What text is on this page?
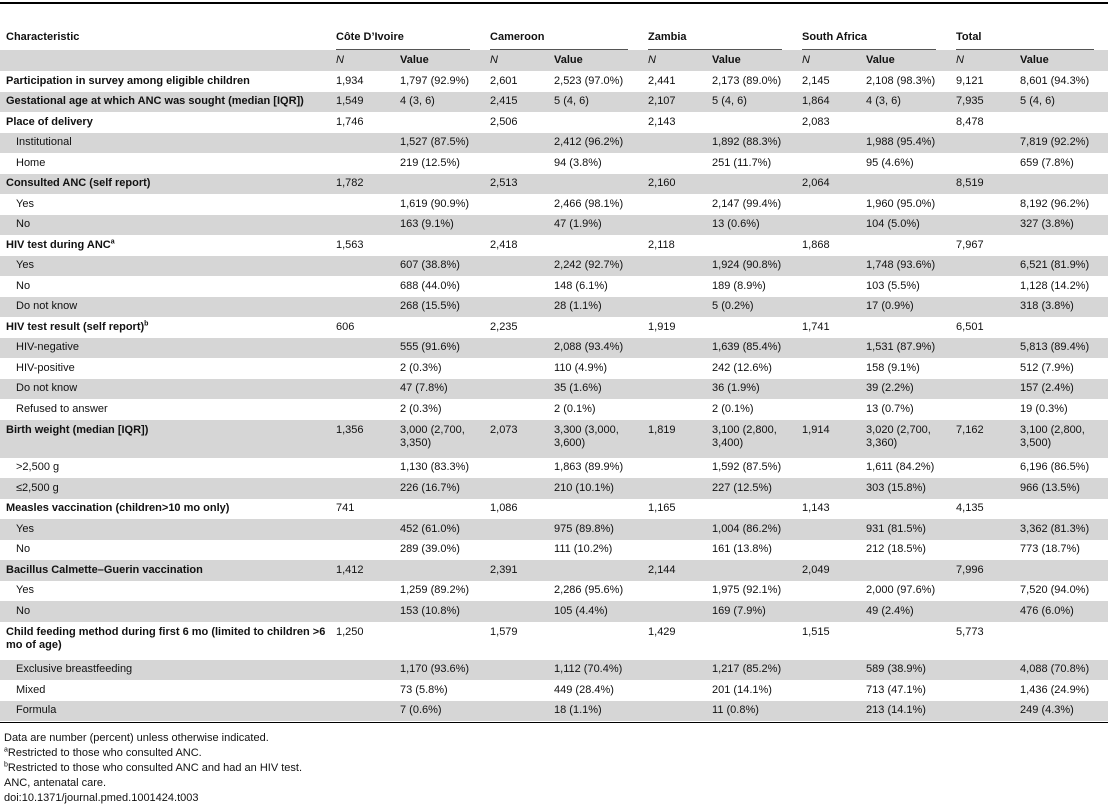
Characteristic	Côte D’Ivoire		Cameroon		Zambia		South Africa		Total	

	N	Value	N	Value	N	Value	N	Value	N	Value
Participation in survey among eligible children	1,934	1,797 (92.9%)	2,601	2,523 (97.0%)	2,441	2,173 (89.0%)	2,145	2,108 (98.3%)	9,121	8,601 (94.3%)
Gestational age at which ANC was sought (median [IQR])	1,549	4 (3, 6)	2,415	5 (4, 6)	2,107	5 (4, 6)	1,864	4 (3, 6)	7,935	5 (4, 6)
Place of delivery	1,746		2,506		2,143		2,083		8,478	
Institutional		1,527 (87.5%)		2,412 (96.2%)		1,892 (88.3%)		1,988 (95.4%)		7,819 (92.2%)
Home		219 (12.5%)		94 (3.8%)		251 (11.7%)		95 (4.6%)		659 (7.8%)
Consulted ANC (self report)	1,782		2,513		2,160		2,064		8,519	
Yes		1,619 (90.9%)		2,466 (98.1%)		2,147 (99.4%)		1,960 (95.0%)		8,192 (96.2%)
No		163 (9.1%)		47 (1.9%)		13 (0.6%)		104 (5.0%)		327 (3.8%)
HIV test during ANC$^a$	1,563		2,418		2,118		1,868		7,967	
Yes		607 (38.8%)		2,242 (92.7%)		1,924 (90.8%)		1,748 (93.6%)		6,521 (81.9%)
No		688 (44.0%)		148 (6.1%)		189 (8.9%)		103 (5.5%)		1,128 (14.2%)
Do not know		268 (15.5%)		28 (1.1%)		5 (0.2%)		17 (0.9%)		318 (3.8%)
HIV test result (self report)$^b$	606		2,235		1,919		1,741		6,501	
HIV-negative		555 (91.6%)		2,088 (93.4%)		1,639 (85.4%)		1,531 (87.9%)		5,813 (89.4%)
HIV-positive		2 (0.3%)		110 (4.9%)		242 (12.6%)		158 (9.1%)		512 (7.9%)
Do not know		47 (7.8%)		35 (1.6%)		36 (1.9%)		39 (2.2%)		157 (2.4%)
Refused to answer		2 (0.3%)		2 (0.1%)		2 (0.1%)		13 (0.7%)		19 (0.3%)
Birth weight (median [IQR])	1,356	3,000 (2,700, 3,350)	2,073	3,300 (3,000, 3,600)	1,819	3,100 (2,800, 3,400)	1,914	3,020 (2,700, 3,360)	7,162	3,100 (2,800, 3,500)
>2,500 g		1,130 (83.3%)		1,863 (89.9%)		1,592 (87.5%)		1,611 (84.2%)		6,196 (86.5%)
≤2,500 g		226 (16.7%)		210 (10.1%)		227 (12.5%)		303 (15.8%)		966 (13.5%)
Measles vaccination (children>10 mo only)	741		1,086		1,165		1,143		4,135	
Yes		452 (61.0%)		975 (89.8%)		1,004 (86.2%)		931 (81.5%)		3,362 (81.3%)
No		289 (39.0%)		111 (10.2%)		161 (13.8%)		212 (18.5%)		773 (18.7%)
Bacillus Calmette–Guerin vaccination	1,412		2,391		2,144		2,049		7,996	
Yes		1,259 (89.2%)		2,286 (95.6%)		1,975 (92.1%)		2,000 (97.6%)		7,520 (94.0%)
No		153 (10.8%)		105 (4.4%)		169 (7.9%)		49 (2.4%)		476 (6.0%)
Child feeding method during first 6 mo (limited to children >6 mo of age)	1,250		1,579		1,429		1,515		5,773	
Exclusive breastfeeding		1,170 (93.6%)		1,112 (70.4%)		1,217 (85.2%)		589 (38.9%)		4,088 (70.8%)
Mixed		73 (5.8%)		449 (28.4%)		201 (14.1%)		713 (47.1%)		1,436 (24.9%)
Formula		7 (0.6%)		18 (1.1%)		11 (0.8%)		213 (14.1%)		249 (4.3%)
Data are number (percent) unless otherwise indicated.
$^a$Restricted to those who consulted ANC.
$^b$Restricted to those who consulted ANC and had an HIV test.
ANC, antenatal care.
doi:10.1371/journal.pmed.1001424.t003
